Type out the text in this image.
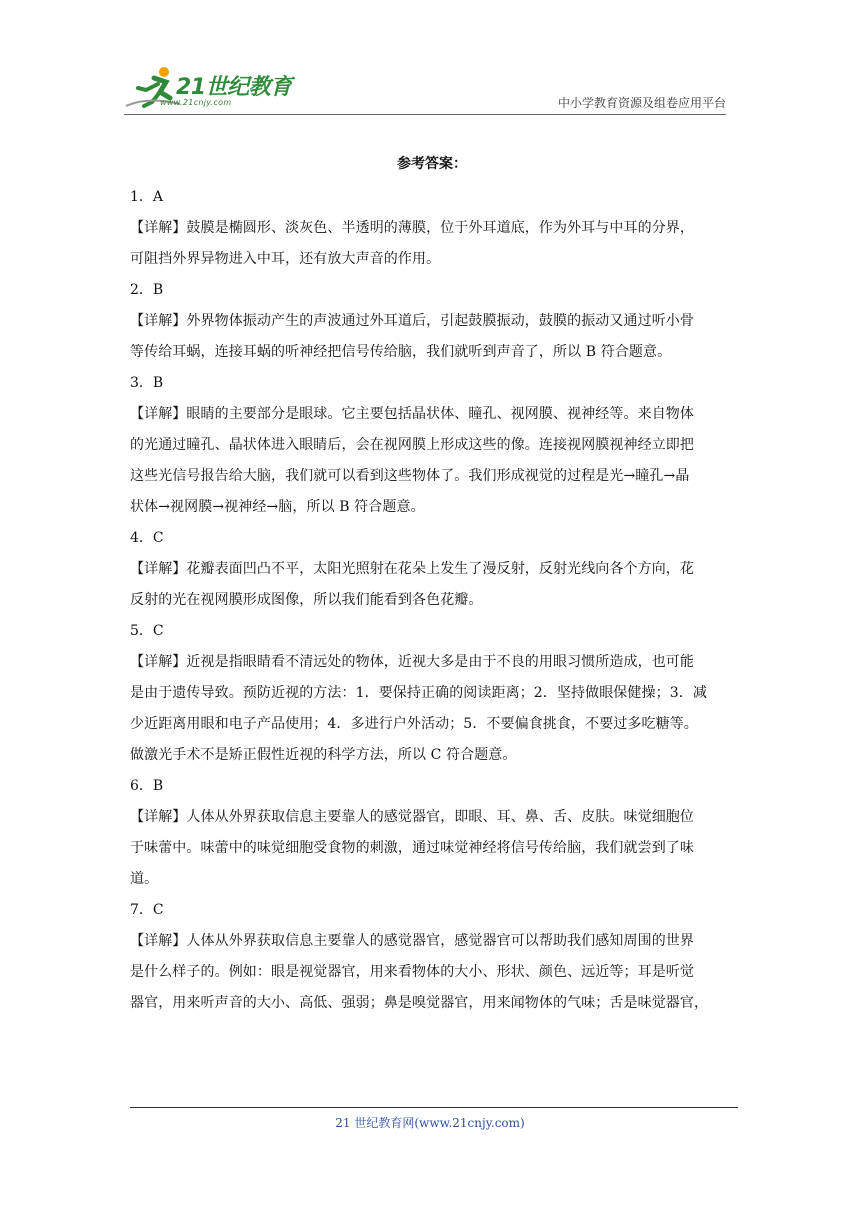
21世纪教育
www.21cnjy.com	中小学教育资源及组卷应用平台
参考答案：
1．A
【详解】鼓膜是椭圆形、淡灰色、半透明的薄膜，位于外耳道底，作为外耳与中耳的分界，
可阻挡外界异物进入中耳，还有放大声音的作用。
2．B
【详解】外界物体振动产生的声波通过外耳道后，引起鼓膜振动，鼓膜的振动又通过听小骨
等传给耳蜗，连接耳蜗的听神经把信号传给脑，我们就听到声音了，所以 B 符合题意。
3．B
【详解】眼睛的主要部分是眼球。它主要包括晶状体、瞳孔、视网膜、视神经等。来自物体
的光通过瞳孔、晶状体进入眼睛后，会在视网膜上形成这些的像。连接视网膜视神经立即把
这些光信号报告给大脑，我们就可以看到这些物体了。我们形成视觉的过程是光→瞳孔→晶
状体→视网膜→视神经→脑，所以 B 符合题意。
4．C
【详解】花瓣表面凹凸不平，太阳光照射在花朵上发生了漫反射，反射光线向各个方向，花
反射的光在视网膜形成图像，所以我们能看到各色花瓣。
5．C
【详解】近视是指眼睛看不清远处的物体，近视大多是由于不良的用眼习惯所造成，也可能
是由于遗传导致。预防近视的方法：1．要保持正确的阅读距离；2．坚持做眼保健操；3．减
少近距离用眼和电子产品使用；4．多进行户外活动；5．不要偏食挑食，不要过多吃糖等。
做激光手术不是矫正假性近视的科学方法，所以 C 符合题意。
6．B
【详解】人体从外界获取信息主要靠人的感觉器官，即眼、耳、鼻、舌、皮肤。味觉细胞位
于味蕾中。味蕾中的味觉细胞受食物的刺激，通过味觉神经将信号传给脑，我们就尝到了味
道。
7．C
【详解】人体从外界获取信息主要靠人的感觉器官，感觉器官可以帮助我们感知周围的世界
是什么样子的。例如：眼是视觉器官，用来看物体的大小、形状、颜色、远近等；耳是听觉
器官，用来听声音的大小、高低、强弱；鼻是嗅觉器官，用来闻物体的气味；舌是味觉器官，
21 世纪教育网(www.21cnjy.com)
